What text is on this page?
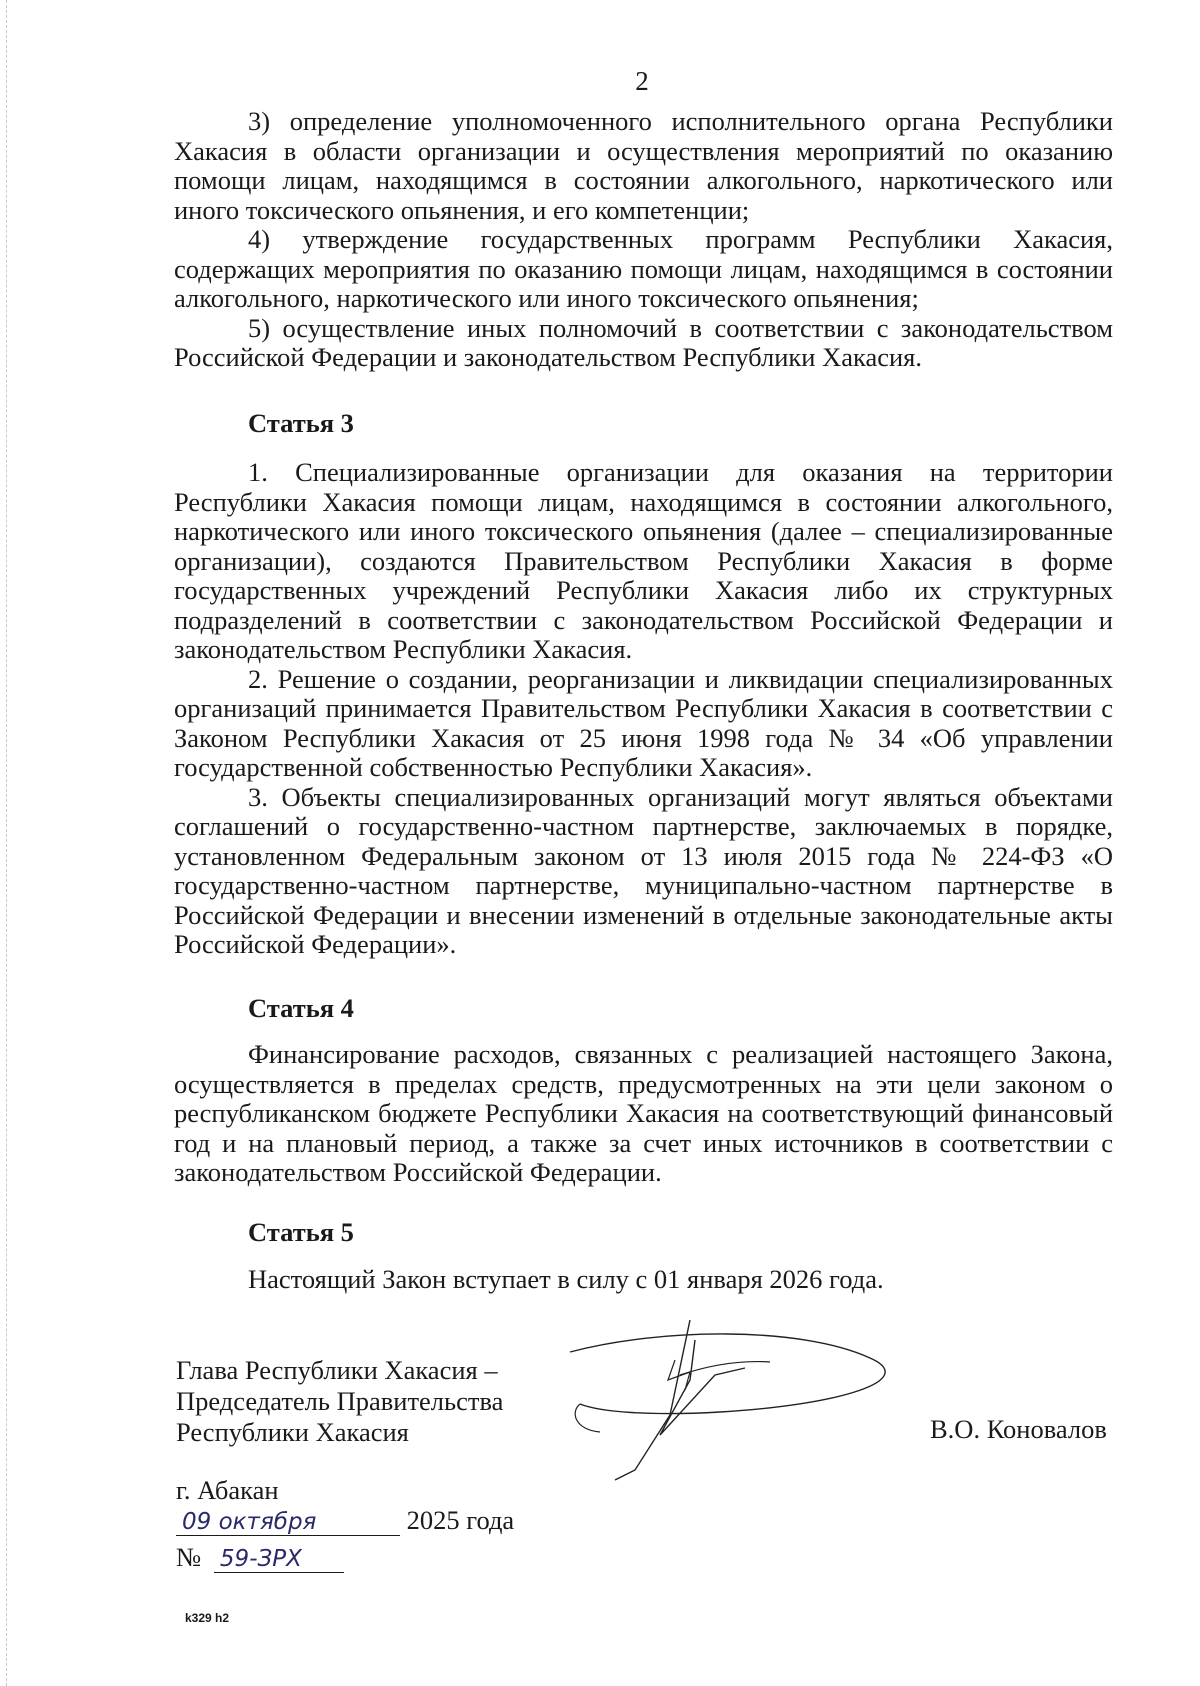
2

3) определение уполномоченного исполнительного органа Республики Хакасия в области организации и осуществления мероприятий по оказанию помощи лицам, находящимся в состоянии алкогольного, наркотического или иного токсического опьянения, и его компетенции;

4) утверждение государственных программ Республики Хакасия, содержащих мероприятия по оказанию помощи лицам, находящимся в состоянии алкогольного, наркотического или иного токсического опьянения;

5) осуществление иных полномочий в соответствии с законодательством Российской Федерации и законодательством Республики Хакасия.

Статья 3

1. Специализированные организации для оказания на территории Республики Хакасия помощи лицам, находящимся в состоянии алкогольного, наркотического или иного токсического опьянения (далее – специализированные организации), создаются Правительством Республики Хакасия в форме государственных учреждений Республики Хакасия либо их структурных подразделений в соответствии с законодательством Российской Федерации и законодательством Республики Хакасия.

2. Решение о создании, реорганизации и ликвидации специализированных организаций принимается Правительством Республики Хакасия в соответствии с Законом Республики Хакасия от 25 июня 1998 года № 34 «Об управлении государственной собственностью Республики Хакасия».

3. Объекты специализированных организаций могут являться объектами соглашений о государственно-частном партнерстве, заключаемых в порядке, установленном Федеральным законом от 13 июля 2015 года № 224-ФЗ «О государственно-частном партнерстве, муниципально-частном партнерстве в Российской Федерации и внесении изменений в отдельные законодательные акты Российской Федерации».

Статья 4

Финансирование расходов, связанных с реализацией настоящего Закона, осуществляется в пределах средств, предусмотренных на эти цели законом о республиканском бюджете Республики Хакасия на соответствующий финансовый год и на плановый период, а также за счет иных источников в соответствии с законодательством Российской Федерации.

Статья 5

Настоящий Закон вступает в силу с 01 января 2026 года.

Глава Республики Хакасия –
Председатель Правительства
Республики Хакасия	В.О. Коновалов
г. Абакан
09 октября	2025 года
№ 59-ЗРХ
k329 h2
